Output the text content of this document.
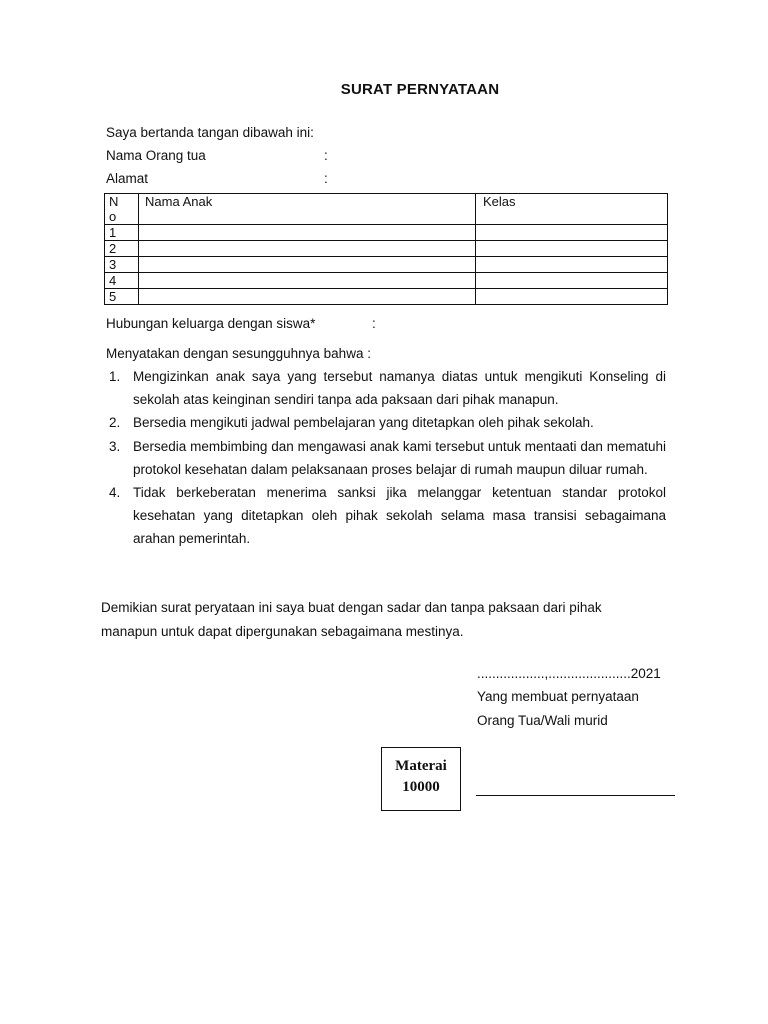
SURAT PERNYATAAN
Saya bertanda tangan dibawah ini:
Nama Orang tua	:
Alamat	:
N
o	Nama Anak	Kelas
1		
2		
3		
4		
5		
Hubungan keluarga dengan siswa*	:
Menyatakan dengan sesungguhnya bahwa :
1. Mengizinkan anak saya yang tersebut namanya diatas untuk mengikuti Konseling di sekolah atas keinginan sendiri tanpa ada paksaan dari pihak manapun.
2. Bersedia mengikuti jadwal pembelajaran yang ditetapkan oleh pihak sekolah.
3. Bersedia membimbing dan mengawasi anak kami tersebut untuk mentaati dan mematuhi protokol kesehatan dalam pelaksanaan proses belajar di rumah maupun diluar rumah.
4. Tidak berkeberatan menerima sanksi jika melanggar ketentuan standar protokol kesehatan yang ditetapkan oleh pihak sekolah selama masa transisi sebagaimana arahan pemerintah.
Demikian surat peryataan ini saya buat dengan sadar dan tanpa paksaan dari pihak manapun untuk dapat dipergunakan sebagaimana mestinya.
..................,......................2021
Yang membuat pernyataan
Orang Tua/Wali murid
Materai
10000
